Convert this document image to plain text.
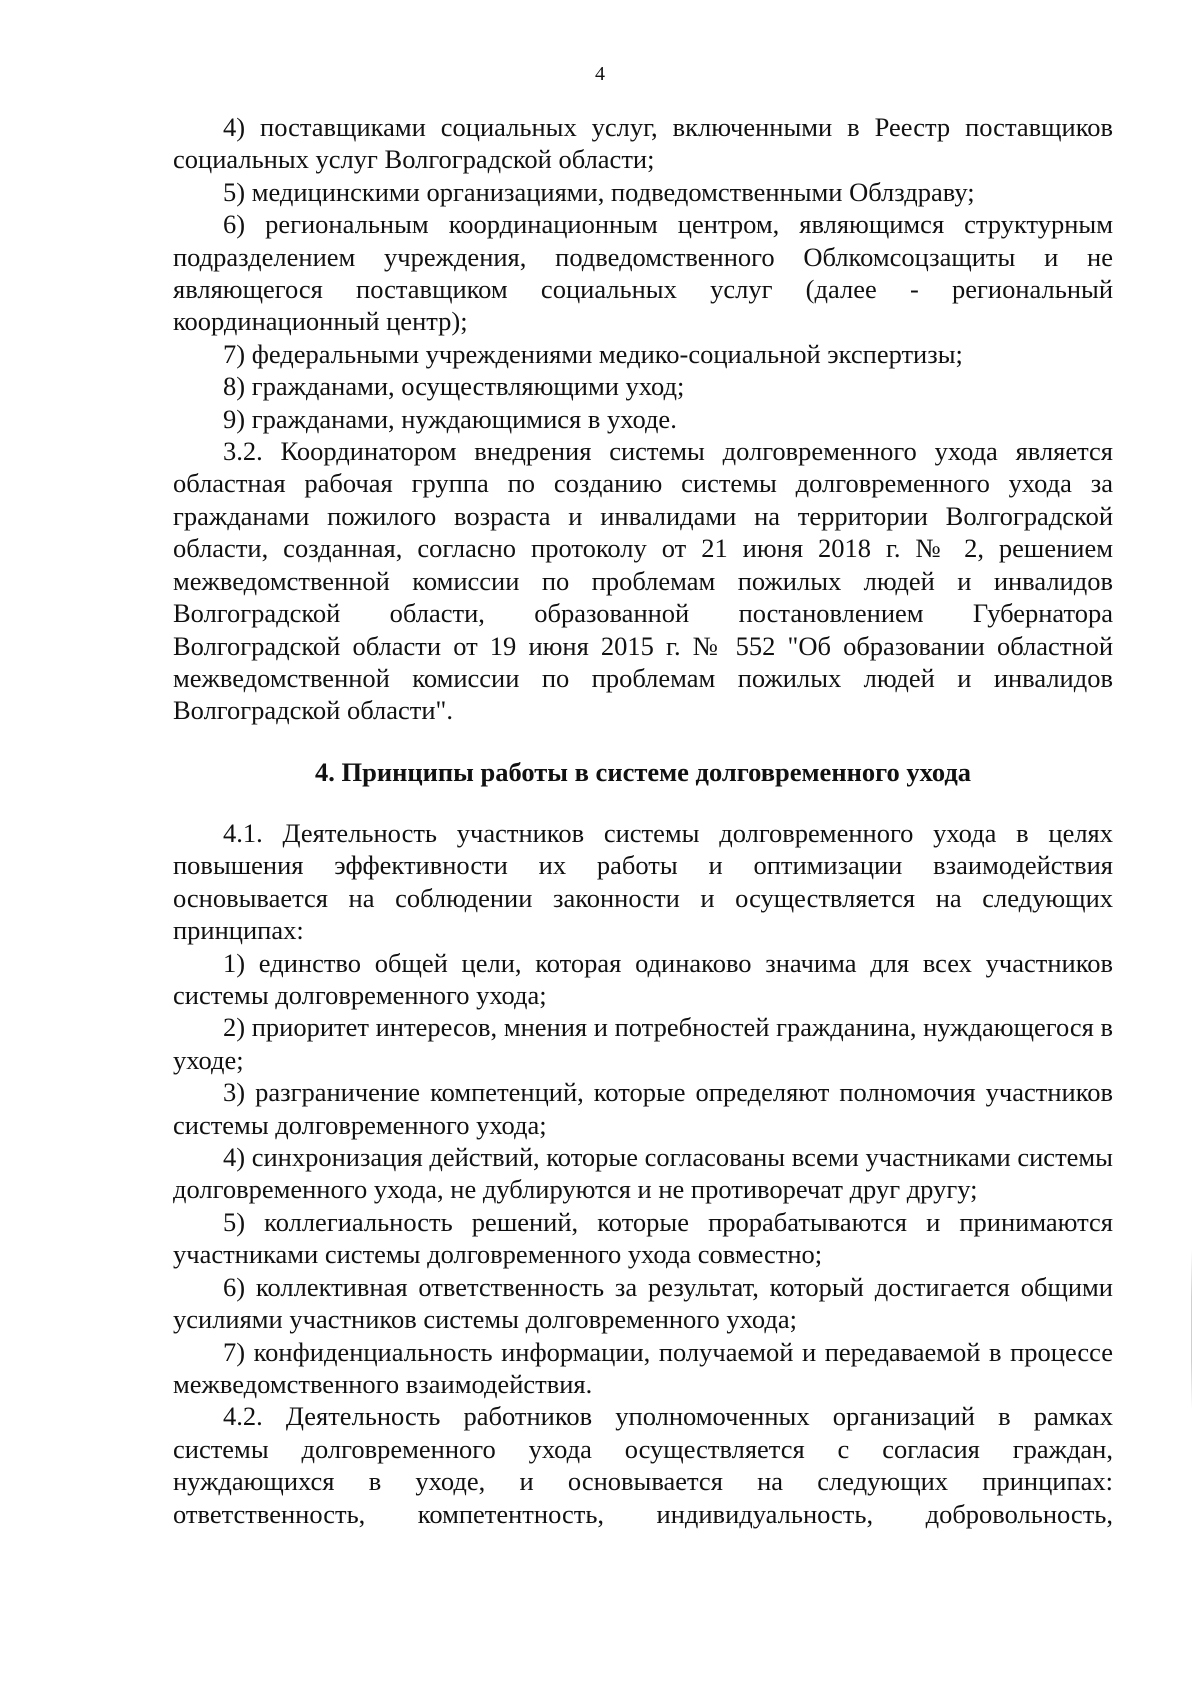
4

4) поставщиками социальных услуг, включенными в Реестр поставщиков социальных услуг Волгоградской области;

5) медицинскими организациями, подведомственными Облздраву;

6) региональным координационным центром, являющимся структурным подразделением учреждения, подведомственного Облкомсоцзащиты и не являющегося поставщиком социальных услуг (далее - региональный координационный центр);

7) федеральными учреждениями медико-социальной экспертизы;

8) гражданами, осуществляющими уход;

9) гражданами, нуждающимися в уходе.

3.2. Координатором внедрения системы долговременного ухода является областная рабочая группа по созданию системы долговременного ухода за гражданами пожилого возраста и инвалидами на территории Волгоградской области, созданная, согласно протоколу от 21 июня 2018 г. № 2, решением межведомственной комиссии по проблемам пожилых людей и инвалидов Волгоградской области, образованной постановлением Губернатора Волгоградской области от 19 июня 2015 г. № 552 "Об образовании областной межведомственной комиссии по проблемам пожилых людей и инвалидов Волгоградской области".

4. Принципы работы в системе долговременного ухода

4.1. Деятельность участников системы долговременного ухода в целях повышения эффективности их работы и оптимизации взаимодействия основывается на соблюдении законности и осуществляется на следующих принципах:

1) единство общей цели, которая одинаково значима для всех участников системы долговременного ухода;

2) приоритет интересов, мнения и потребностей гражданина, нуждающегося в уходе;

3) разграничение компетенций, которые определяют полномочия участников системы долговременного ухода;

4) синхронизация действий, которые согласованы всеми участниками системы долговременного ухода, не дублируются и не противоречат друг другу;

5) коллегиальность решений, которые прорабатываются и принимаются участниками системы долговременного ухода совместно;

6) коллективная ответственность за результат, который достигается общими усилиями участников системы долговременного ухода;

7) конфиденциальность информации, получаемой и передаваемой в процессе межведомственного взаимодействия.

4.2. Деятельность работников уполномоченных организаций в рамках системы долговременного ухода осуществляется с согласия граждан, нуждающихся в уходе, и основывается на следующих принципах: ответственность, компетентность, индивидуальность, добровольность,
